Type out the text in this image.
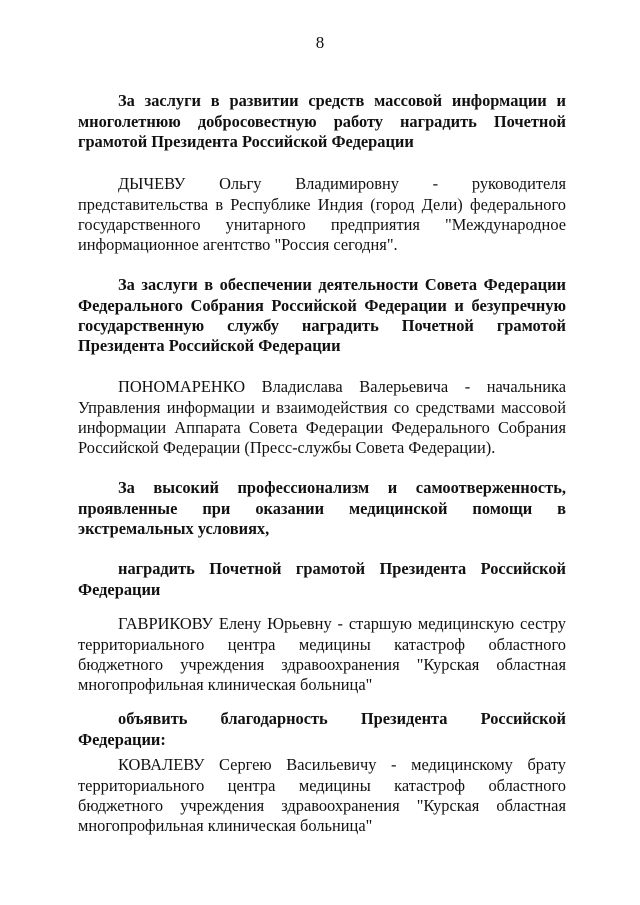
8

За заслуги в развитии средств массовой информации и многолетнюю добросовестную работу наградить Почетной грамотой Президента Российской Федерации

ДЫЧЕВУ Ольгу Владимировну - руководителя представительства в Республике Индия (город Дели) федерального государственного унитарного предприятия "Международное информационное агентство "Россия сегодня".

За заслуги в обеспечении деятельности Совета Федерации Федерального Собрания Российской Федерации и безупречную государственную службу наградить Почетной грамотой Президента Российской Федерации

ПОНОМАРЕНКО Владислава Валерьевича - начальника Управления информации и взаимодействия со средствами массовой информации Аппарата Совета Федерации Федерального Собрания Российской Федерации (Пресс-службы Совета Федерации).

За высокий профессионализм и самоотверженность, проявленные при оказании медицинской помощи в экстремальных условиях,

наградить Почетной грамотой Президента Российской Федерации

ГАВРИКОВУ Елену Юрьевну - старшую медицинскую сестру территориального центра медицины катастроф областного бюджетного учреждения здравоохранения "Курская областная многопрофильная клиническая больница"

объявить благодарность Президента Российской Федерации:

КОВАЛЕВУ Сергею Васильевичу - медицинскому брату территориального центра медицины катастроф областного бюджетного учреждения здравоохранения "Курская областная многопрофильная клиническая больница"
